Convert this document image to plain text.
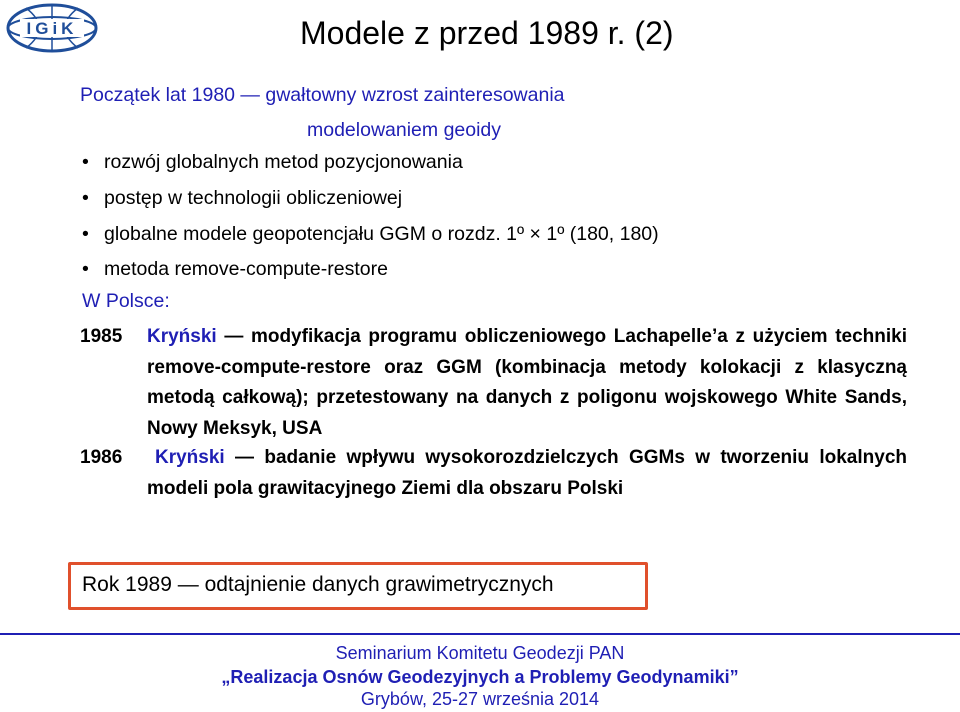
IGiK	Modele z przed 1989 r. (2)
Początek lat 1980 — gwałtowny wzrost zainteresowania
modelowaniem geoidy
• rozwój globalnych metod pozycjonowania
• postęp w technologii obliczeniowej
• globalne modele geopotencjału GGM o rozdz. 1º × 1º (180, 180)
• metoda remove-compute-restore
W Polsce:
1985 Kryński — modyfikacja programu obliczeniowego Lachapelle’a z użyciem techniki remove-compute-restore oraz GGM (kombinacja metody kolokacji z klasyczną metodą całkową); przetestowany na danych z poligonu wojskowego White Sands, Nowy Meksyk, USA
1986	Kryński — badanie wpływu wysokorozdzielczych GGMs w tworzeniu lokalnych modeli pola grawitacyjnego Ziemi dla obszaru Polski
Rok 1989 — odtajnienie danych grawimetrycznych
Seminarium Komitetu Geodezji PAN
„Realizacja Osnów Geodezyjnych a Problemy Geodynamiki”
Grybów, 25-27 września 2014
